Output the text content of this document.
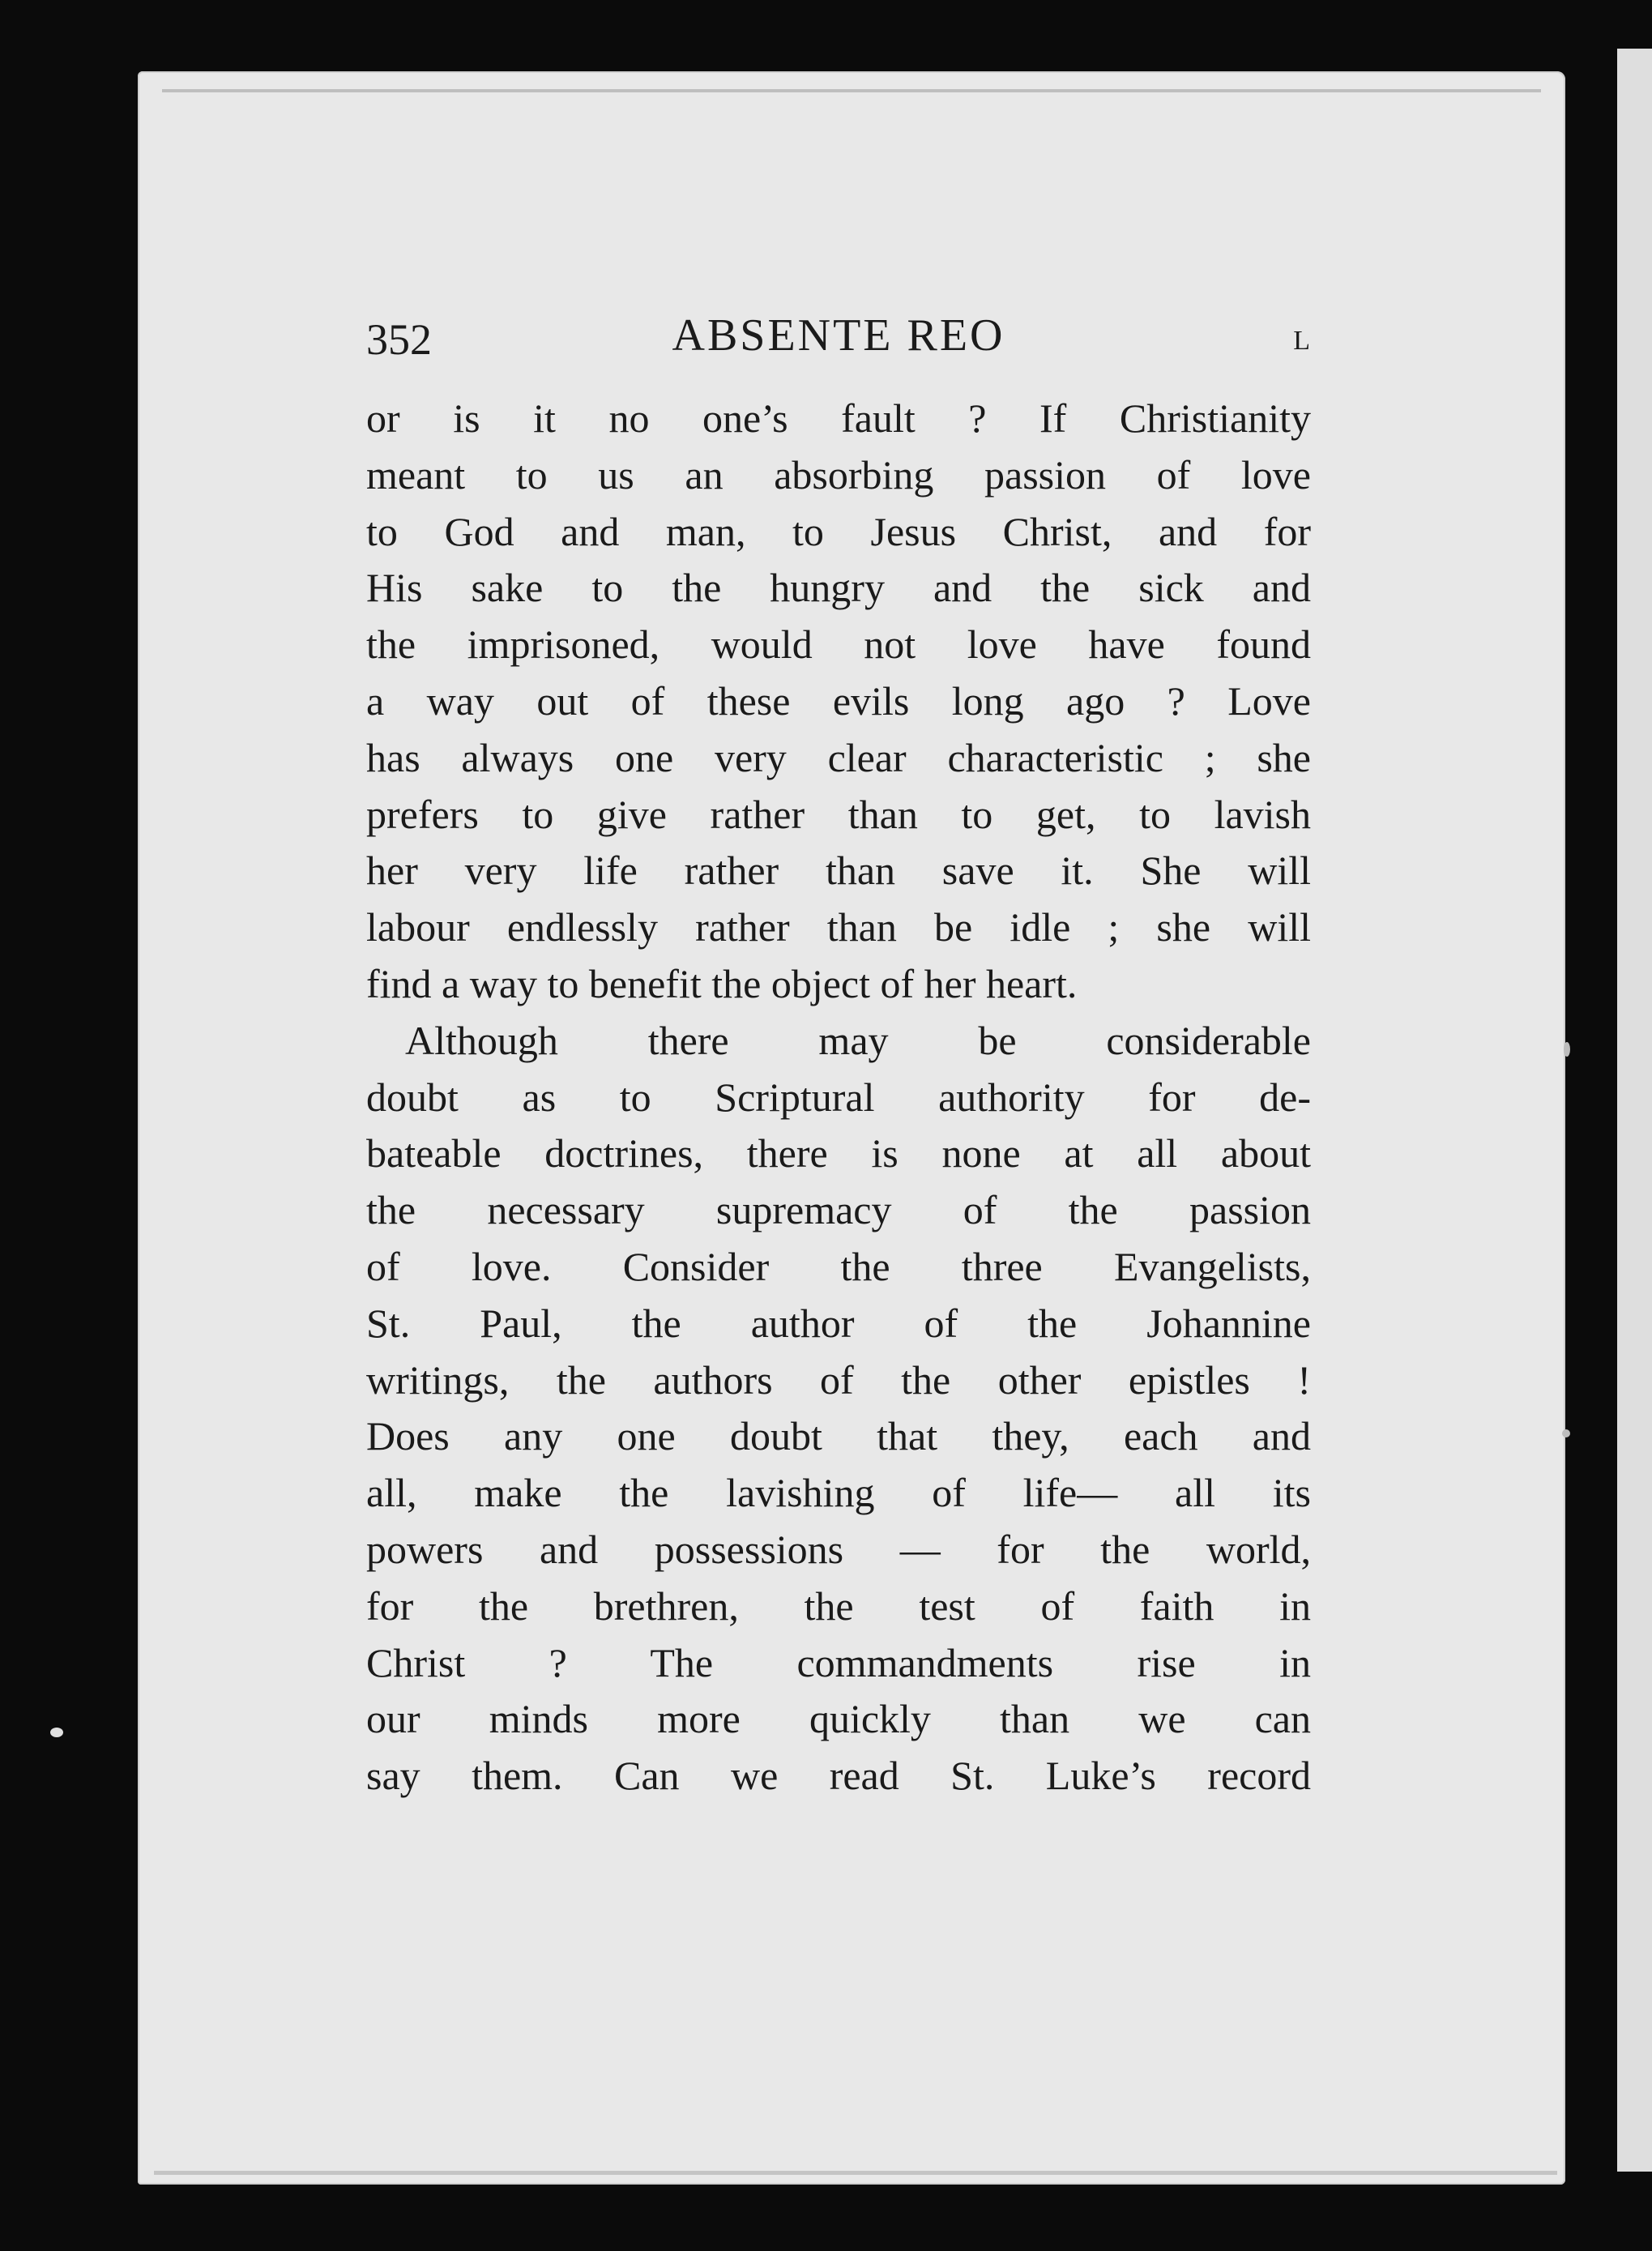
352	ABSENTE REO	L
or is it no one’s fault ? If Christianity
meant to us an absorbing passion of love
to God and man, to Jesus Christ, and for
His sake to the hungry and the sick and
the imprisoned, would not love have found
a way out of these evils long ago ? Love
has always one very clear characteristic ; she
prefers to give rather than to get, to lavish
her very life rather than save it. She will
labour endlessly rather than be idle ; she will
find a way to benefit the object of her heart.
Although there may be considerable
doubt as to Scriptural authority for de-
bateable doctrines, there is none at all about
the necessary supremacy of the passion
of love. Consider the three Evangelists,
St. Paul, the author of the Johannine
writings, the authors of the other epistles !
Does any one doubt that they, each and
all, make the lavishing of life— all its
powers and possessions — for the world,
for the brethren, the test of faith in
Christ ? The commandments rise in
our minds more quickly than we can
say them. Can we read St. Luke’s record
